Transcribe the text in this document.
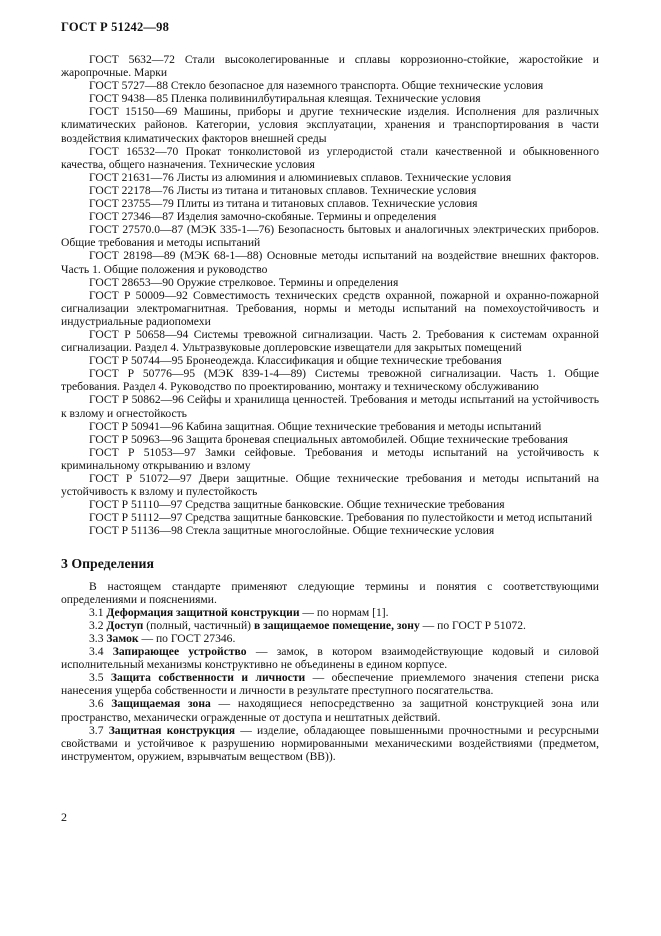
ГОСТ Р 51242—98

ГОСТ 5632—72 Стали высоколегированные и сплавы коррозионно-стойкие, жаростойкие и жаропрочные. Марки

ГОСТ 5727—88 Стекло безопасное для наземного транспорта. Общие технические условия

ГОСТ 9438—85 Пленка поливинилбутиральная клеящая. Технические условия

ГОСТ 15150—69 Машины, приборы и другие технические изделия. Исполнения для различных климатических районов. Категории, условия эксплуатации, хранения и транспортирования в части воздействия климатических факторов внешней среды

ГОСТ 16532—70 Прокат тонколистовой из углеродистой стали качественной и обыкновенного качества, общего назначения. Технические условия

ГОСТ 21631—76 Листы из алюминия и алюминиевых сплавов. Технические условия

ГОСТ 22178—76 Листы из титана и титановых сплавов. Технические условия

ГОСТ 23755—79 Плиты из титана и титановых сплавов. Технические условия

ГОСТ 27346—87 Изделия замочно-скобяные. Термины и определения

ГОСТ 27570.0—87 (МЭК 335-1—76) Безопасность бытовых и аналогичных электрических приборов. Общие требования и методы испытаний

ГОСТ 28198—89 (МЭК 68-1—88) Основные методы испытаний на воздействие внешних факторов. Часть 1. Общие положения и руководство

ГОСТ 28653—90 Оружие стрелковое. Термины и определения

ГОСТ Р 50009—92 Совместимость технических средств охранной, пожарной и охранно-пожарной сигнализации электромагнитная. Требования, нормы и методы испытаний на помехоустойчивость и индустриальные радиопомехи

ГОСТ Р 50658—94 Системы тревожной сигнализации. Часть 2. Требования к системам охранной сигнализации. Раздел 4. Ультразвуковые доплеровские извещатели для закрытых помещений

ГОСТ Р 50744—95 Бронеодежда. Классификация и общие технические требования

ГОСТ Р 50776—95 (МЭК 839-1-4—89) Системы тревожной сигнализации. Часть 1. Общие требования. Раздел 4. Руководство по проектированию, монтажу и техническому обслуживанию

ГОСТ Р 50862—96 Сейфы и хранилища ценностей. Требования и методы испытаний на устойчивость к взлому и огнестойкость

ГОСТ Р 50941—96 Кабина защитная. Общие технические требования и методы испытаний

ГОСТ Р 50963—96 Защита броневая специальных автомобилей. Общие технические требования

ГОСТ Р 51053—97 Замки сейфовые. Требования и методы испытаний на устойчивость к криминальному открыванию и взлому

ГОСТ Р 51072—97 Двери защитные. Общие технические требования и методы испытаний на устойчивость к взлому и пулестойкость

ГОСТ Р 51110—97 Средства защитные банковские. Общие технические требования

ГОСТ Р 51112—97 Средства защитные банковские. Требования по пулестойкости и метод испытаний

ГОСТ Р 51136—98 Стекла защитные многослойные. Общие технические условия

3 Определения

В настоящем стандарте применяют следующие термины и понятия с соответствующими определениями и пояснениями.

3.1 Деформация защитной конструкции — по нормам [1].

3.2 Доступ (полный, частичный) в защищаемое помещение, зону — по ГОСТ Р 51072.

3.3 Замок — по ГОСТ 27346.

3.4 Запирающее устройство — замок, в котором взаимодействующие кодовый и силовой исполнительный механизмы конструктивно не объединены в едином корпусе.

3.5 Защита собственности и личности — обеспечение приемлемого значения степени риска нанесения ущерба собственности и личности в результате преступного посягательства.

3.6 Защищаемая зона — находящиеся непосредственно за защитной конструкцией зона или пространство, механически огражденные от доступа и нештатных действий.

3.7 Защитная конструкция — изделие, обладающее повышенными прочностными и ресурсными свойствами и устойчивое к разрушению нормированными механическими воздействиями (предметом, инструментом, оружием, взрывчатым веществом (ВВ)).

2
